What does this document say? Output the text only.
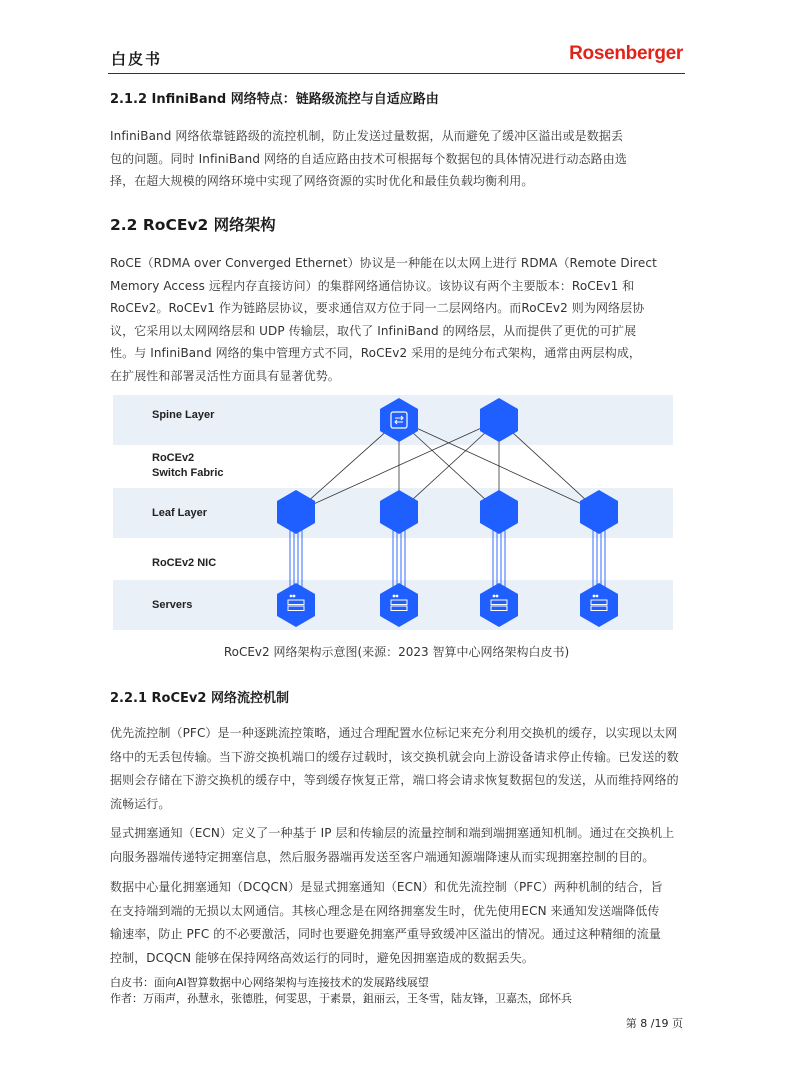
白皮书	Rosenberger
2.1.2 InfiniBand 网络特点：链路级流控与自适应路由

InfiniBand 网络依靠链路级的流控机制，防止发送过量数据，从而避免了缓冲区溢出或是数据丢
包的问题。同时 InfiniBand 网络的自适应路由技术可根据每个数据包的具体情况进行动态路由选
择，在超大规模的网络环境中实现了网络资源的实时优化和最佳负载均衡利用。

2.2 RoCEv2 网络架构

RoCE（RDMA over Converged Ethernet）协议是一种能在以太网上进行 RDMA（Remote Direct
Memory Access 远程内存直接访问）的集群网络通信协议。该协议有两个主要版本：RoCEv1 和
RoCEv2。RoCEv1 作为链路层协议，要求通信双方位于同一二层网络内。而RoCEv2 则为网络层协
议，它采用以太网网络层和 UDP 传输层，取代了 InfiniBand 的网络层，从而提供了更优的可扩展
性。与 InfiniBand 网络的集中管理方式不同，RoCEv2 采用的是纯分布式架构，通常由两层构成，
在扩展性和部署灵活性方面具有显著优势。

Spine Layer
RoCEv2
Switch Fabric
Leaf Layer
RoCEv2 NIC
Servers
RoCEv2 网络架构示意图(来源：2023 智算中心网络架构白皮书)
2.2.1 RoCEv2 网络流控机制

优先流控制（PFC）是一种逐跳流控策略，通过合理配置水位标记来充分利用交换机的缓存，以实现以太网
络中的无丢包传输。当下游交换机端口的缓存过载时，该交换机就会向上游设备请求停止传输。已发送的数
据则会存储在下游交换机的缓存中，等到缓存恢复正常，端口将会请求恢复数据包的发送，从而维持网络的
流畅运行。

显式拥塞通知（ECN）定义了一种基于 IP 层和传输层的流量控制和端到端拥塞通知机制。通过在交换机上
向服务器端传递特定拥塞信息，然后服务器端再发送至客户端通知源端降速从而实现拥塞控制的目的。

数据中心量化拥塞通知（DCQCN）是显式拥塞通知（ECN）和优先流控制（PFC）两种机制的结合，旨
在支持端到端的无损以太网通信。其核心理念是在网络拥塞发生时，优先使用ECN 来通知发送端降低传
输速率，防止 PFC 的不必要激活，同时也要避免拥塞严重导致缓冲区溢出的情况。通过这种精细的流量
控制，DCQCN 能够在保持网络高效运行的同时，避免因拥塞造成的数据丢失。

白皮书：面向AI智算数据中心网络架构与连接技术的发展路线展望
作者：万雨声，孙慧永，张德胜，何雯思，于素景，鉏丽云，王冬雪，陆友锋，卫嘉杰，邱怀兵
第 8 /19 页
